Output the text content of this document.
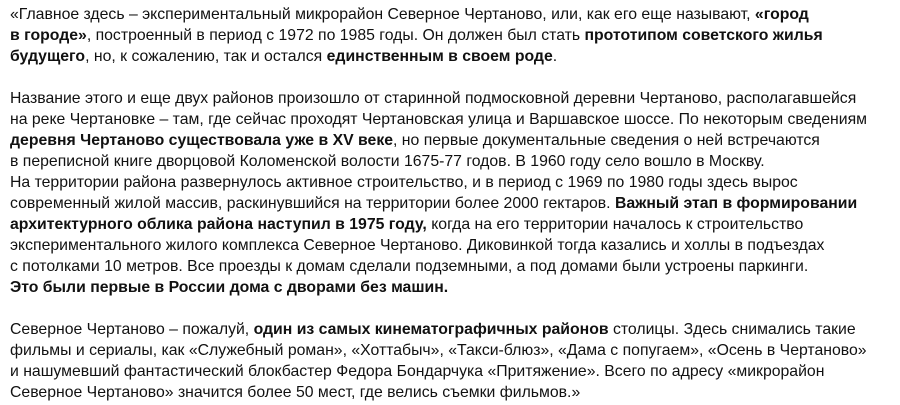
«Главное здесь – экспериментальный микрорайон Северное Чертаново, или, как его еще называют, «город
в городе», построенный в период с 1972 по 1985 годы. Он должен был стать прототипом советского жилья
будущего, но, к сожалению, так и остался единственным в своем роде.

Название этого и еще двух районов произошло от старинной подмосковной деревни Чертаново, располагавшейся
на реке Чертановке – там, где сейчас проходят Чертановская улица и Варшавское шоссе. По некоторым сведениям
деревня Чертаново существовала уже в XV веке, но первые документальные сведения о ней встречаются
в переписной книге дворцовой Коломенской волости 1675-77 годов. В 1960 году село вошло в Москву.
На территории района развернулось активное строительство, и в период с 1969 по 1980 годы здесь вырос
современный жилой массив, раскинувшийся на территории более 2000 гектаров. Важный этап в формировании
архитектурного облика района наступил в 1975 году, когда на его территории началось к строительство
экспериментального жилого комплекса Северное Чертаново. Диковинкой тогда казались и холлы в подъездах
с потолками 10 метров. Все проезды к домам сделали подземными, а под домами были устроены паркинги.
Это были первые в России дома с дворами без машин.

Северное Чертаново – пожалуй, один из самых кинематографичных районов столицы. Здесь снимались такие
фильмы и сериалы, как «Служебный роман», «Хоттабыч», «Такси-блюз», «Дама с попугаем», «Осень в Чертаново»
и нашумевший фантастический блокбастер Федора Бондарчука «Притяжение». Всего по адресу «микрорайон
Северное Чертаново» значится более 50 мест, где велись съемки фильмов.»
